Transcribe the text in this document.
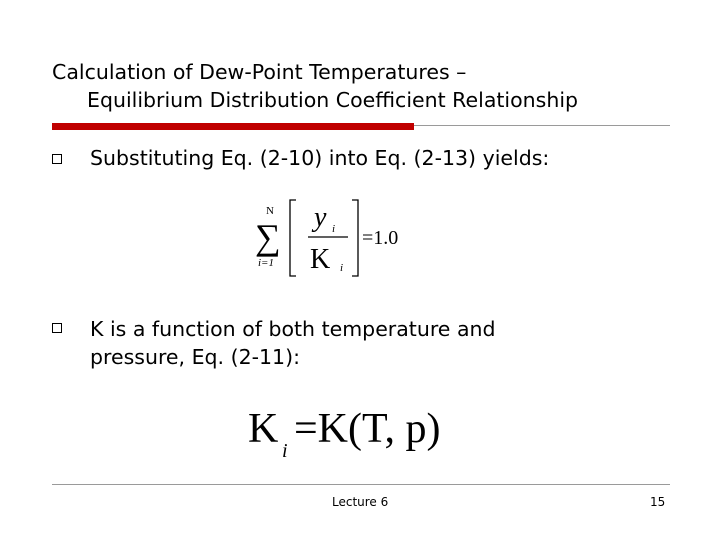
Calculation of Dew-Point Temperatures –
Equilibrium Distribution Coefficient Relationship
Substituting Eq. (2-10) into Eq. (2-13) yields:
N
∑
i=1
y i
K i
=1.0
K is a function of both temperature and
pressure, Eq. (2-11):
K i =K(T, p)
Lecture 6	15
